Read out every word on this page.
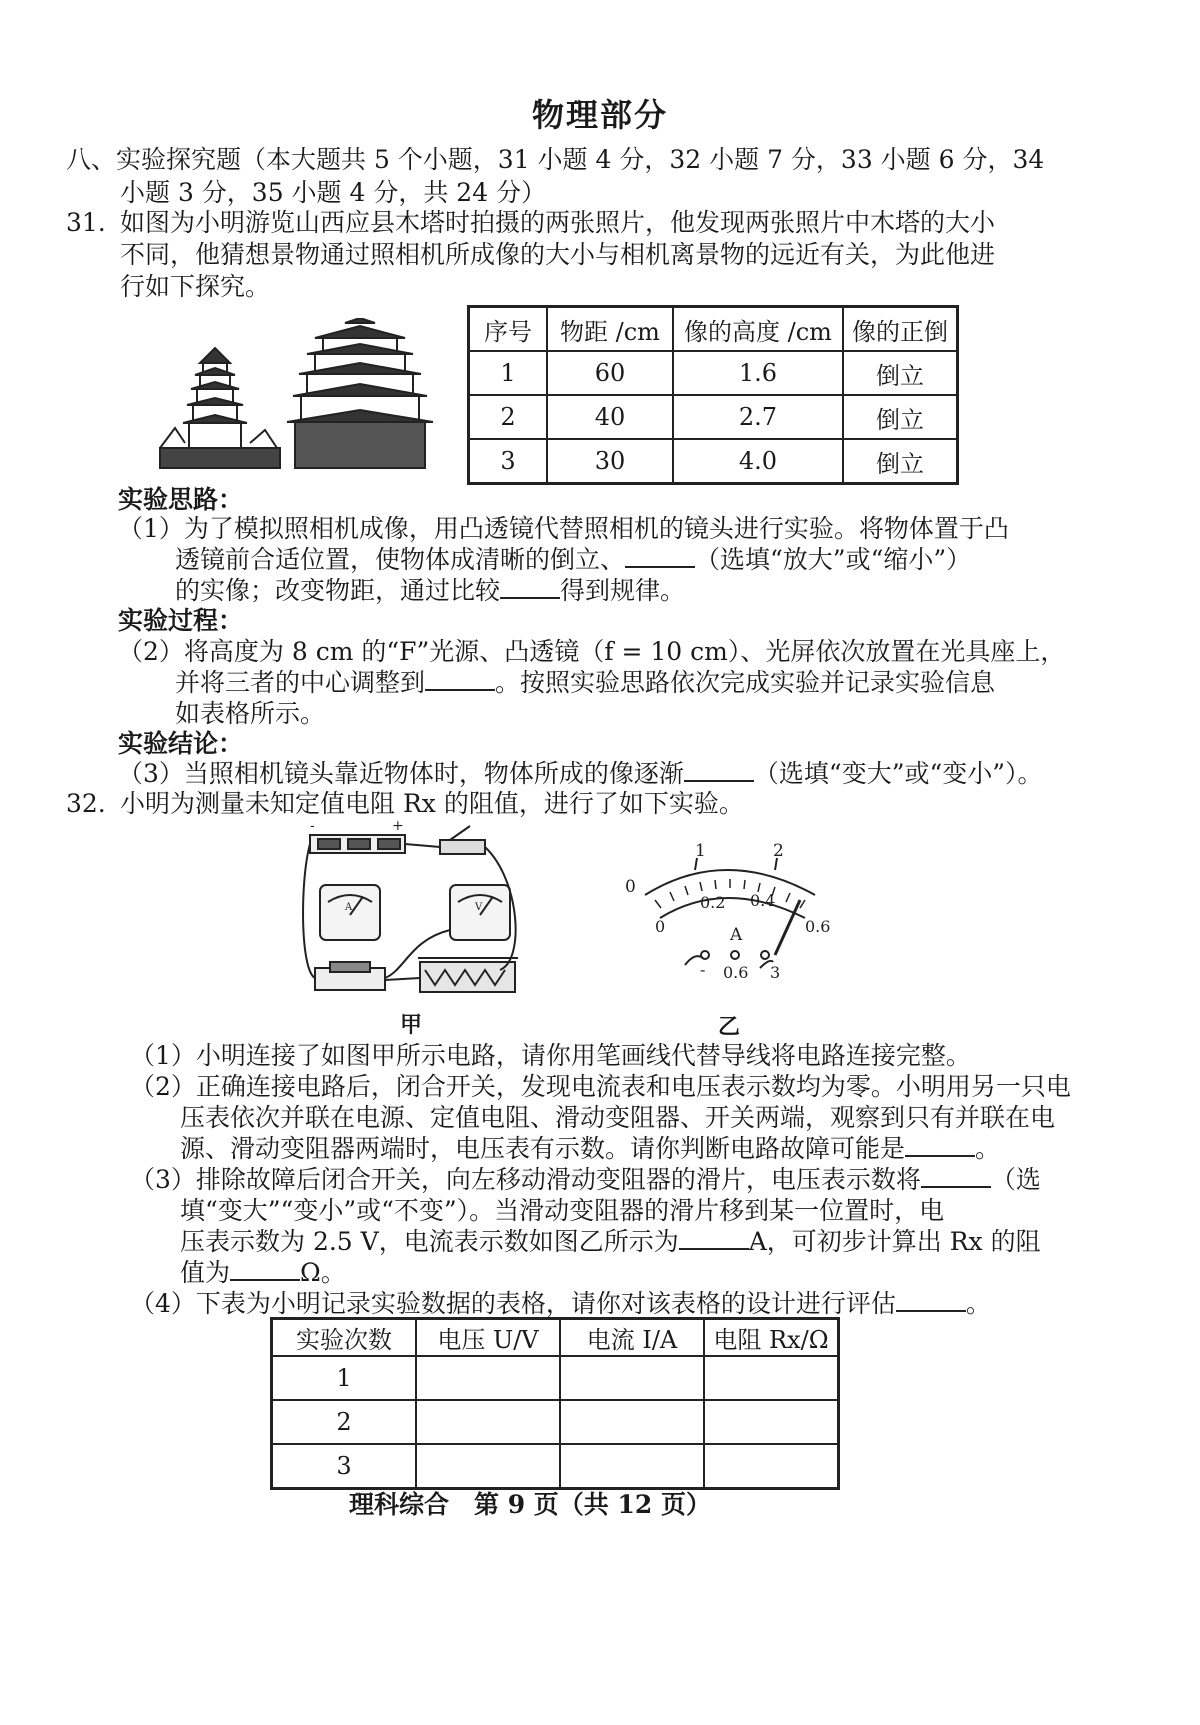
物理部分
八、实验探究题（本大题共 5 个小题，31 小题 4 分，32 小题 7 分，33 小题 6 分，34
小题 3 分，35 小题 4 分，共 24 分）
31. 如图为小明游览山西应县木塔时拍摄的两张照片，他发现两张照片中木塔的大小
不同，他猜想景物通过照相机所成像的大小与相机离景物的远近有关，为此他进
行如下探究。
序号	物距 /cm	像的高度 /cm	像的正倒
1	60	1.6	倒立
2	40	2.7	倒立
3	30	4.0	倒立
实验思路：
（1）为了模拟照相机成像，用凸透镜代替照相机的镜头进行实验。将物体置于凸
透镜前合适位置，使物体成清晰的倒立、	（选填“放大”或“缩小”）
的实像；改变物距，通过比较 得到规律。
实验过程：
（2）将高度为 8 cm 的“F”光源、凸透镜（f = 10 cm）、光屏依次放置在光具座上，
并将三者的中心调整到	。按照实验思路依次完成实验并记录实验信息
如表格所示。
实验结论：
（3）当照相机镜头靠近物体时，物体所成的像逐渐	（选填“变大”或“变小”）。
32. 小明为测量未知定值电阻 Rx 的阻值，进行了如下实验。
-	+
A	V
甲
0
1	2
0
0.2 0.4
0.6
A
- 0.6 3
乙
（1）小明连接了如图甲所示电路，请你用笔画线代替导线将电路连接完整。
（2）正确连接电路后，闭合开关，发现电流表和电压表示数均为零。小明用另一只电
压表依次并联在电源、定值电阻、滑动变阻器、开关两端，观察到只有并联在电
源、滑动变阻器两端时，电压表有示数。请你判断电路故障可能是	。
（3）排除故障后闭合开关，向左移动滑动变阻器的滑片，电压表示数将	（选
填“变大”“变小”或“不变”）。当滑动变阻器的滑片移到某一位置时，电
压表示数为 2.5 V，电流表示数如图乙所示为	A，可初步计算出 Rx 的阻
值为	Ω。
（4）下表为小明记录实验数据的表格，请你对该表格的设计进行评估	。
实验次数	电压 U/V	电流 I/A	电阻 Rx/Ω
1			
2			
3			
理科综合　第 9 页（共 12 页）
